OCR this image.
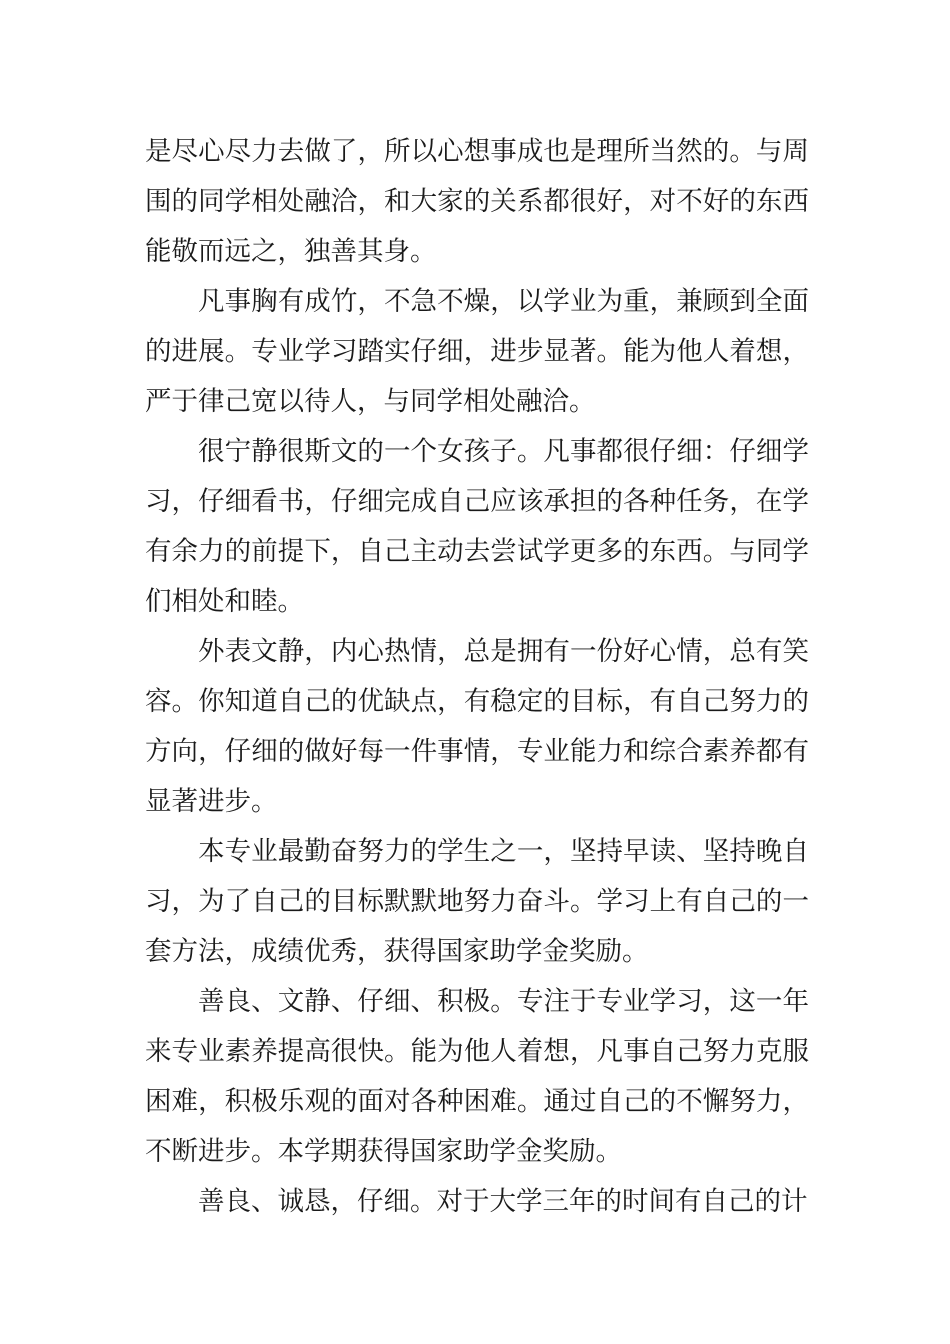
是尽心尽力去做了，所以心想事成也是理所当然的。与周围的同学相处融洽，和大家的关系都很好，对不好的东西能敬而远之，独善其身。

凡事胸有成竹，不急不燥，以学业为重，兼顾到全面的进展。专业学习踏实仔细，进步显著。能为他人着想，严于律己宽以待人，与同学相处融洽。

很宁静很斯文的一个女孩子。凡事都很仔细：仔细学习，仔细看书，仔细完成自己应该承担的各种任务，在学有余力的前提下，自己主动去尝试学更多的东西。与同学们相处和睦。

外表文静，内心热情，总是拥有一份好心情，总有笑容。你知道自己的优缺点，有稳定的目标，有自己努力的方向，仔细的做好每一件事情，专业能力和综合素养都有显著进步。

本专业最勤奋努力的学生之一，坚持早读、坚持晚自习，为了自己的目标默默地努力奋斗。学习上有自己的一套方法，成绩优秀，获得国家助学金奖励。

善良、文静、仔细、积极。专注于专业学习，这一年来专业素养提高很快。能为他人着想，凡事自己努力克服困难，积极乐观的面对各种困难。通过自己的不懈努力，不断进步。本学期获得国家助学金奖励。

善良、诚恳，仔细。对于大学三年的时间有自己的计
